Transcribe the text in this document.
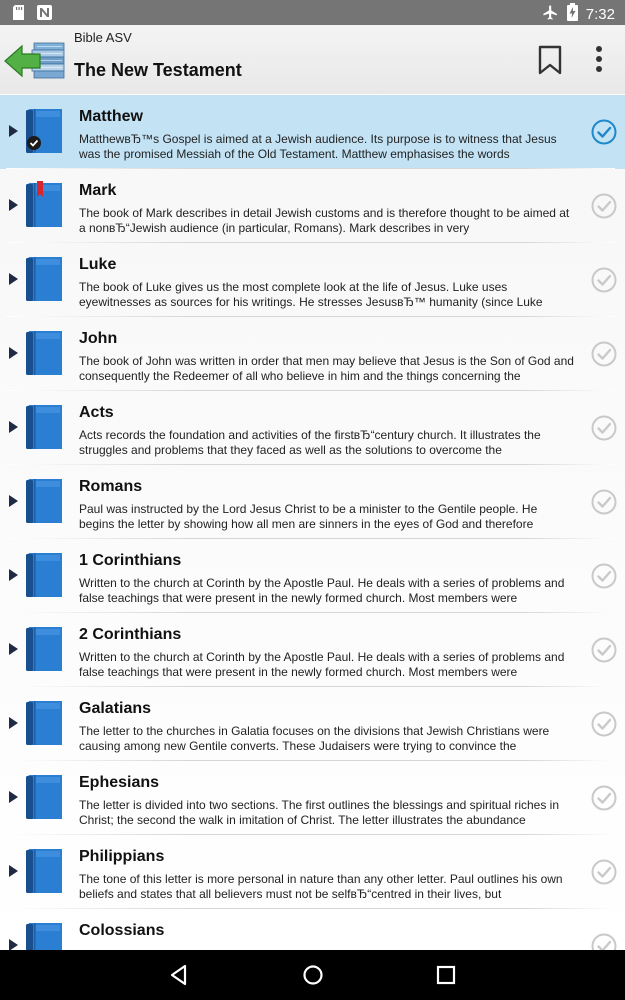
7:32
Bible ASV
The New Testament
Matthew
MatthewвЂ™s Gospel is aimed at a Jewish audience. Its purpose is to witness that Jesus was the promised Messiah of the Old Testament. Matthew emphasises the words
Mark
The book of Mark describes in detail Jewish customs and is therefore thought to be aimed at a nonвЂ“Jewish audience (in particular, Romans). Mark describes in very
Luke
The book of Luke gives us the most complete look at the life of Jesus. Luke uses eyewitnesses as sources for his writings. He stresses JesusвЂ™ humanity (since Luke
John
The book of John was written in order that men may believe that Jesus is the Son of God and consequently the Redeemer of all who believe in him and the things concerning the
Acts
Acts records the foundation and activities of the firstвЂ“century church. It illustrates the struggles and problems that they faced as well as the solutions to overcome the
Romans
Paul was instructed by the Lord Jesus Christ to be a minister to the Gentile people. He begins the letter by showing how all men are sinners in the eyes of God and therefore
1 Corinthians
Written to the church at Corinth by the Apostle Paul. He deals with a series of problems and false teachings that were present in the newly formed church. Most members were
2 Corinthians
Written to the church at Corinth by the Apostle Paul. He deals with a series of problems and false teachings that were present in the newly formed church. Most members were
Galatians
The letter to the churches in Galatia focuses on the divisions that Jewish Christians were causing among new Gentile converts. These Judaisers were trying to convince the
Ephesians
The letter is divided into two sections. The first outlines the blessings and spiritual riches in Christ; the second the walk in imitation of Christ. The letter illustrates the abundance
Philippians
The tone of this letter is more personal in nature than any other letter. Paul outlines his own beliefs and states that all believers must not be selfвЂ“centred in their lives, but
Colossians
